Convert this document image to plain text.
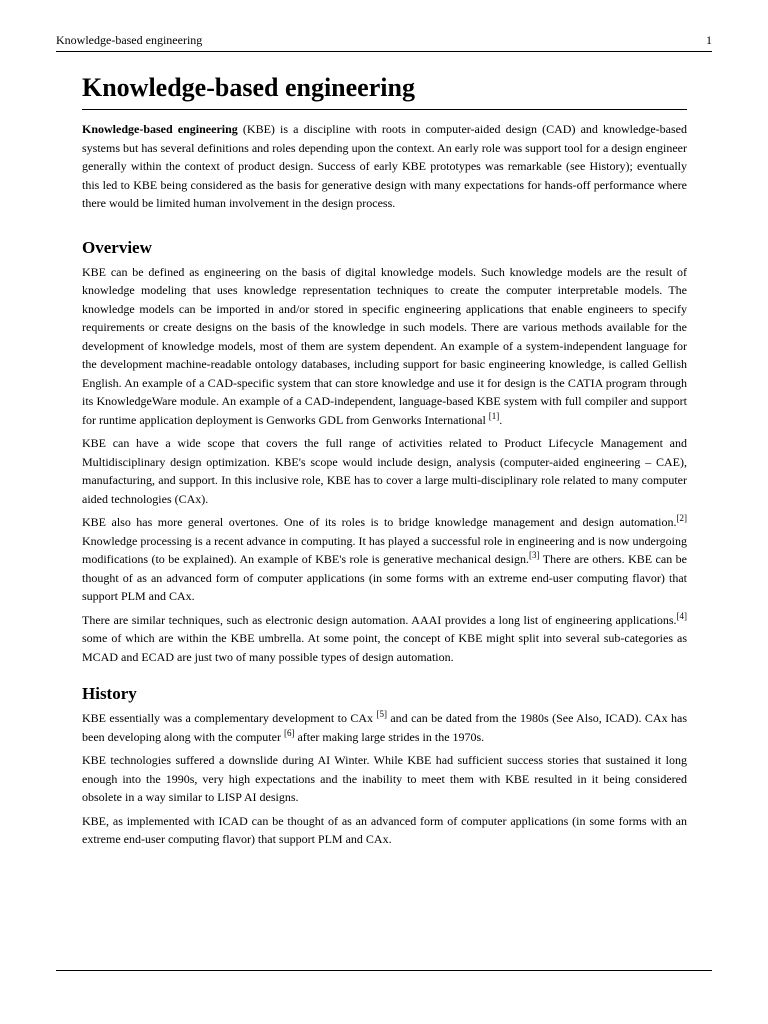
Knowledge-based engineering	1
Knowledge-based engineering

Knowledge-based engineering (KBE) is a discipline with roots in computer-aided design (CAD) and knowledge-based systems but has several definitions and roles depending upon the context. An early role was support tool for a design engineer generally within the context of product design. Success of early KBE prototypes was remarkable (see History); eventually this led to KBE being considered as the basis for generative design with many expectations for hands-off performance where there would be limited human involvement in the design process.

Overview

KBE can be defined as engineering on the basis of digital knowledge models. Such knowledge models are the result of knowledge modeling that uses knowledge representation techniques to create the computer interpretable models. The knowledge models can be imported in and/or stored in specific engineering applications that enable engineers to specify requirements or create designs on the basis of the knowledge in such models. There are various methods available for the development of knowledge models, most of them are system dependent. An example of a system-independent language for the development machine-readable ontology databases, including support for basic engineering knowledge, is called Gellish English. An example of a CAD-specific system that can store knowledge and use it for design is the CATIA program through its KnowledgeWare module. An example of a CAD-independent, language-based KBE system with full compiler and support for runtime application deployment is Genworks GDL from Genworks International [1].

KBE can have a wide scope that covers the full range of activities related to Product Lifecycle Management and Multidisciplinary design optimization. KBE's scope would include design, analysis (computer-aided engineering – CAE), manufacturing, and support. In this inclusive role, KBE has to cover a large multi-disciplinary role related to many computer aided technologies (CAx).

KBE also has more general overtones. One of its roles is to bridge knowledge management and design automation.[2] Knowledge processing is a recent advance in computing. It has played a successful role in engineering and is now undergoing modifications (to be explained). An example of KBE's role is generative mechanical design.[3] There are others. KBE can be thought of as an advanced form of computer applications (in some forms with an extreme end-user computing flavor) that support PLM and CAx.

There are similar techniques, such as electronic design automation. AAAI provides a long list of engineering applications.[4] some of which are within the KBE umbrella. At some point, the concept of KBE might split into several sub-categories as MCAD and ECAD are just two of many possible types of design automation.

History

KBE essentially was a complementary development to CAx [5] and can be dated from the 1980s (See Also, ICAD). CAx has been developing along with the computer [6] after making large strides in the 1970s.

KBE technologies suffered a downslide during AI Winter. While KBE had sufficient success stories that sustained it long enough into the 1990s, very high expectations and the inability to meet them with KBE resulted in it being considered obsolete in a way similar to LISP AI designs.

KBE, as implemented with ICAD can be thought of as an advanced form of computer applications (in some forms with an extreme end-user computing flavor) that support PLM and CAx.
